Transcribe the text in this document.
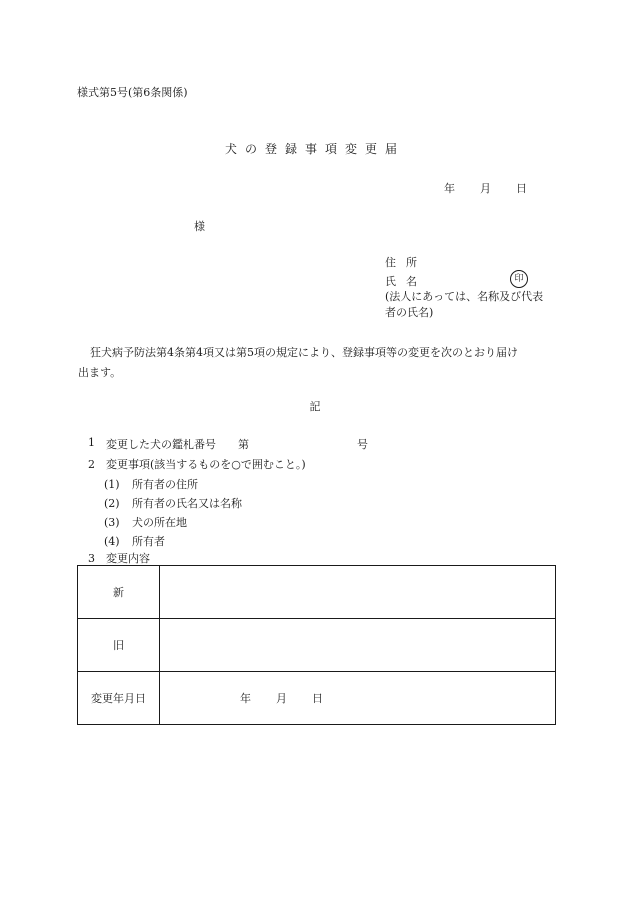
様式第5号(第6条関係)
犬の登録事項変更届
年	月	日
様
住所
氏名	印
(法人にあっては、名称及び代表者の氏名)
狂犬病予防法第4条第4項又は第5項の規定により、登録事項等の変更を次のとおり届け
出ます。
記
1	変更した犬の鑑札番号 第	号
2 変更事項(該当するものを○で囲むこと。)
(1) 所有者の住所
(2) 所有者の氏名又は名称
(3) 犬の所在地
(4) 所有者
3 変更内容
新	
旧	
変更年月日	年 月 日
